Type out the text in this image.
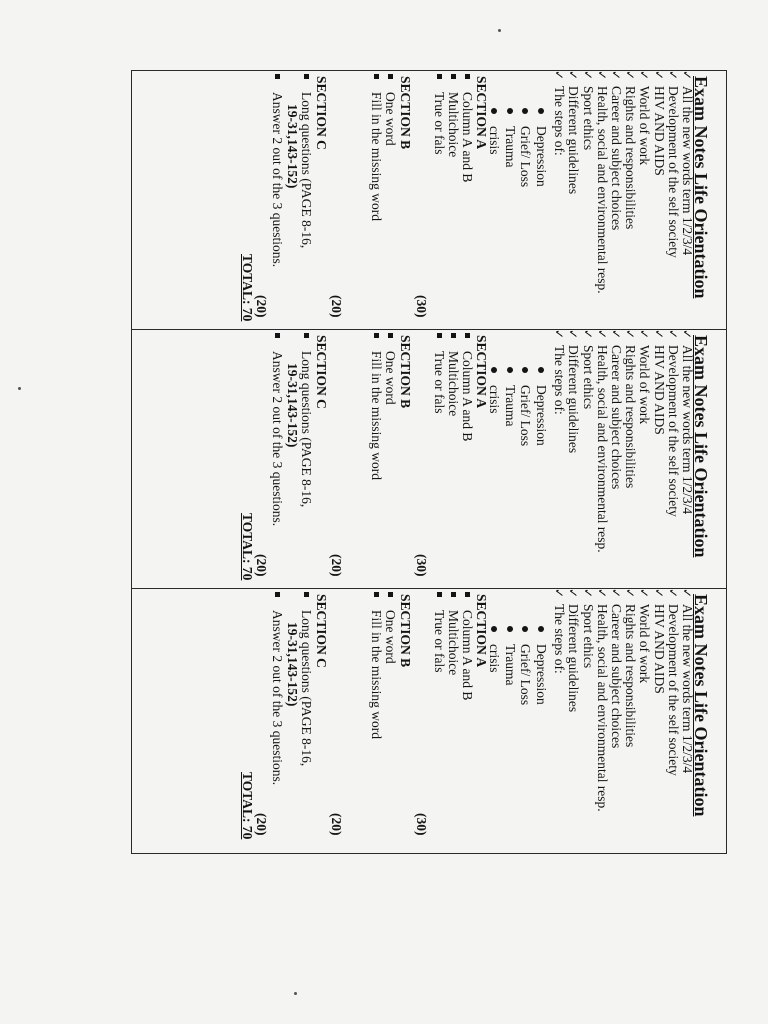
Exam Notes Life Orientation
✓
All the new words term 1/2/3/4
✓
Development of the self society
✓
HIV AND AIDS
✓
World of work
✓
Rights and responsibilities
✓
Career and subject choices
✓
Health, social and environmental resp.
✓
Sport ethics
✓
Different guidelines
✓
The steps of:
Depression
Grief/ Loss
Trauma
crisis
SECTION A
Column A and B
Multichoice
True or fals
(30)
SECTION B
One word
Fill in the missing word
(20)
SECTION C
Long questions (PAGE 8-16,
19-31,143-152)
Answer 2 out of the 3 questions.
(20)
TOTAL: 70
Exam Notes Life Orientation
✓
All the new words term 1/2/3/4
✓
Development of the self society
✓
HIV AND AIDS
✓
World of work
✓
Rights and responsibilities
✓
Career and subject choices
✓
Health, social and environmental resp.
✓
Sport ethics
✓
Different guidelines
✓
The steps of:
Depression
Grief/ Loss
Trauma
crisis
SECTION A
Column A and B
Multichoice
True or fals
(30)
SECTION B
One word
Fill in the missing word
(20)
SECTION C
Long questions (PAGE 8-16,
19-31,143-152)
Answer 2 out of the 3 questions.
(20)
TOTAL: 70
Exam Notes Life Orientation
✓
All the new words term 1/2/3/4
✓
Development of the self society
✓
HIV AND AIDS
✓
World of work
✓
Rights and responsibilities
✓
Career and subject choices
✓
Health, social and environmental resp.
✓
Sport ethics
✓
Different guidelines
✓
The steps of:
Depression
Grief/ Loss
Trauma
crisis
SECTION A
Column A and B
Multichoice
True or fals
(30)
SECTION B
One word
Fill in the missing word
(20)
SECTION C
Long questions (PAGE 8-16,
19-31,143-152)
Answer 2 out of the 3 questions.
(20)
TOTAL: 70
